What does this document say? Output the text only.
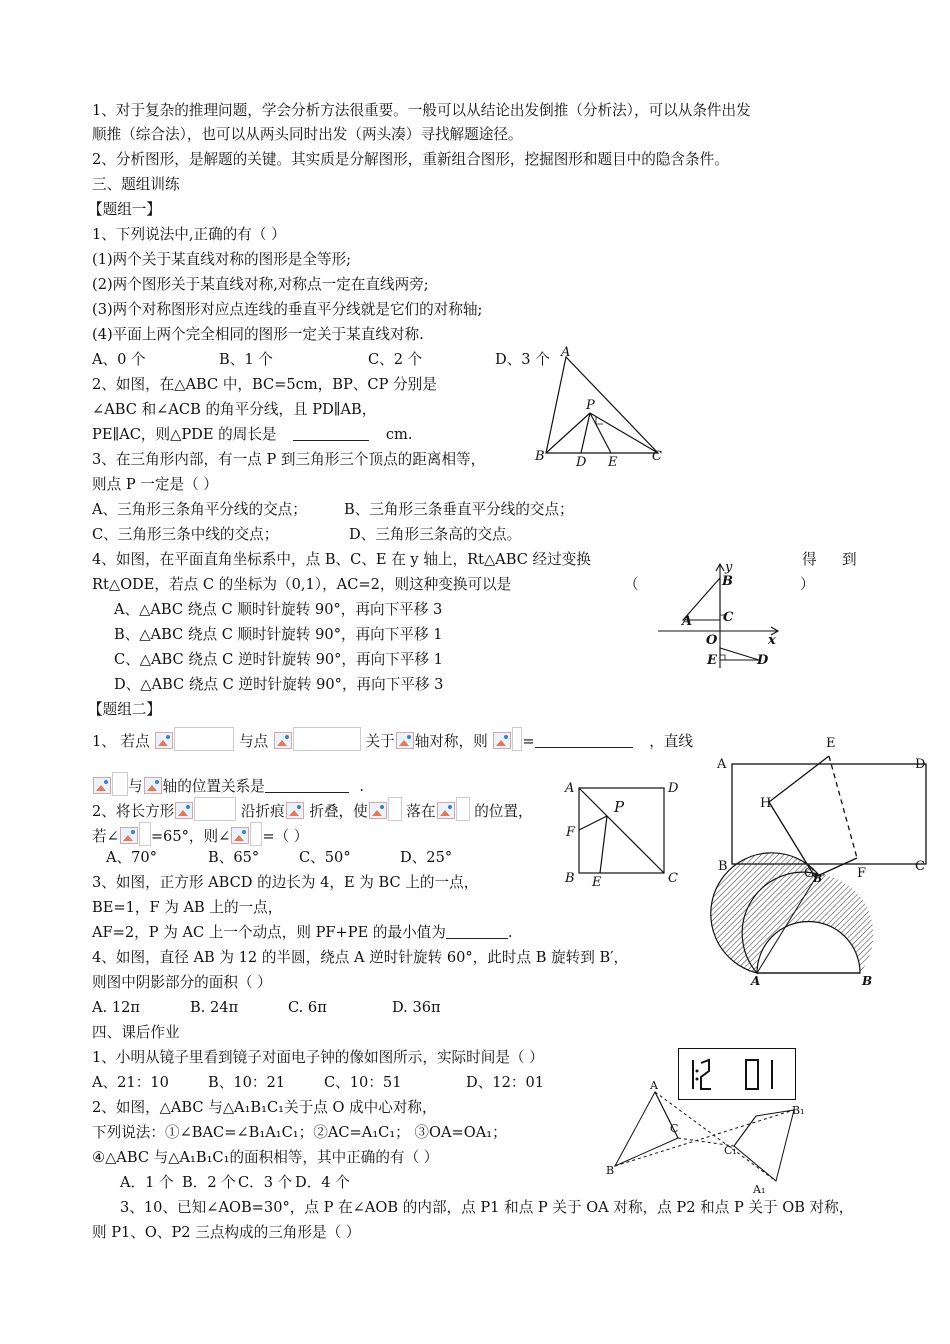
1、对于复杂的推理问题，学会分析方法很重要。一般可以从结论出发倒推（分析法），可以从条件出发
顺推（综合法），也可以从两头同时出发（两头凑）寻找解题途径。
2、分析图形，是解题的关键。其实质是分解图形，重新组合图形，挖掘图形和题目中的隐含条件。
三、题组训练
【题组一】
1、下列说法中,正确的有（ ）
(1)两个关于某直线对称的图形是全等形;
(2)两个图形关于某直线对称,对称点一定在直线两旁;
(3)两个对称图形对应点连线的垂直平分线就是它们的对称轴;
(4)平面上两个完全相同的图形一定关于某直线对称.
A、0 个	B、1 个	C、2 个	D、3 个
2、如图，在△ABC 中，BC=5cm，BP、CP 分别是
∠ABC 和∠ACB 的角平分线，且 PD∥AB，
PE∥AC，则△PDE 的周长是	cm.
A
P
B D E	C
3、在三角形内部，有一点 P 到三角形三个顶点的距离相等，
则点 P 一定是（ ）
A、三角形三条角平分线的交点；	B、三角形三条垂直平分线的交点；
C、三角形三条中线的交点；	D、三角形三条高的交点。
4、如图，在平面直角坐标系中，点 B、C、E 在 y 轴上，Rt△ABC 经过变换	得 到
Rt△ODE，若点 C 的坐标为（0,1），AC=2，则这种变换可以是	（	）
A、△ABC 绕点 C 顺时针旋转 90°，再向下平移 3
B、△ABC 绕点 C 顺时针旋转 90°，再向下平移 1
C、△ABC 绕点 C 逆时针旋转 90°，再向下平移 1
D、△ABC 绕点 C 逆时针旋转 90°，再向下平移 3
y
B
A C
O	x
E	D
【题组二】
1、 若点	与点	关于 轴对称，则 =	，直线
与 轴的位置关系是	.
2、将长方形	沿折痕 折叠，使	落在	的位置，
若∠ =65°，则∠ =（ ）
A、70°	B、65°	C、50°	D、25°
E
A	D
H
B	F	C
A	D
P
F
B E	C
3、如图，正方形 ABCD 的边长为 4，E 为 BC 上的一点，
BE=1，F 为 AB 上的一点，
AF=2，P 为 AC 上一个动点，则 PF+PE 的最小值为	.
4、如图，直径 AB 为 12 的半圆，绕点 A 逆时针旋转 60°，此时点 B 旋转到 B′，
则图中阴影部分的面积（ ）
A. 12π	B. 24π	C. 6π	D. 36π
A	B
B′
四、课后作业
1、小明从镜子里看到镜子对面电子钟的像如图所示，实际时间是（ ）
A、21：10	B、10：21	C、10：51	D、12：01
2、如图，△ABC 与△A₁B₁C₁关于点 O 成中心对称，
下列说法：①∠BAC=∠B₁A₁C₁；②AC=A₁C₁； ③OA=OA₁；
④△ABC 与△A₁B₁C₁的面积相等，其中正确的有（ ）
A．1 个 B．2 个 C．3 个 D．4 个
A
C
B
B₁
C₁
A₁
3、10、已知∠AOB=30°，点 P 在∠AOB 的内部，点 P1 和点 P 关于 OA 对称，点 P2 和点 P 关于 OB 对称，
则 P1、O、P2 三点构成的三角形是（ ）
